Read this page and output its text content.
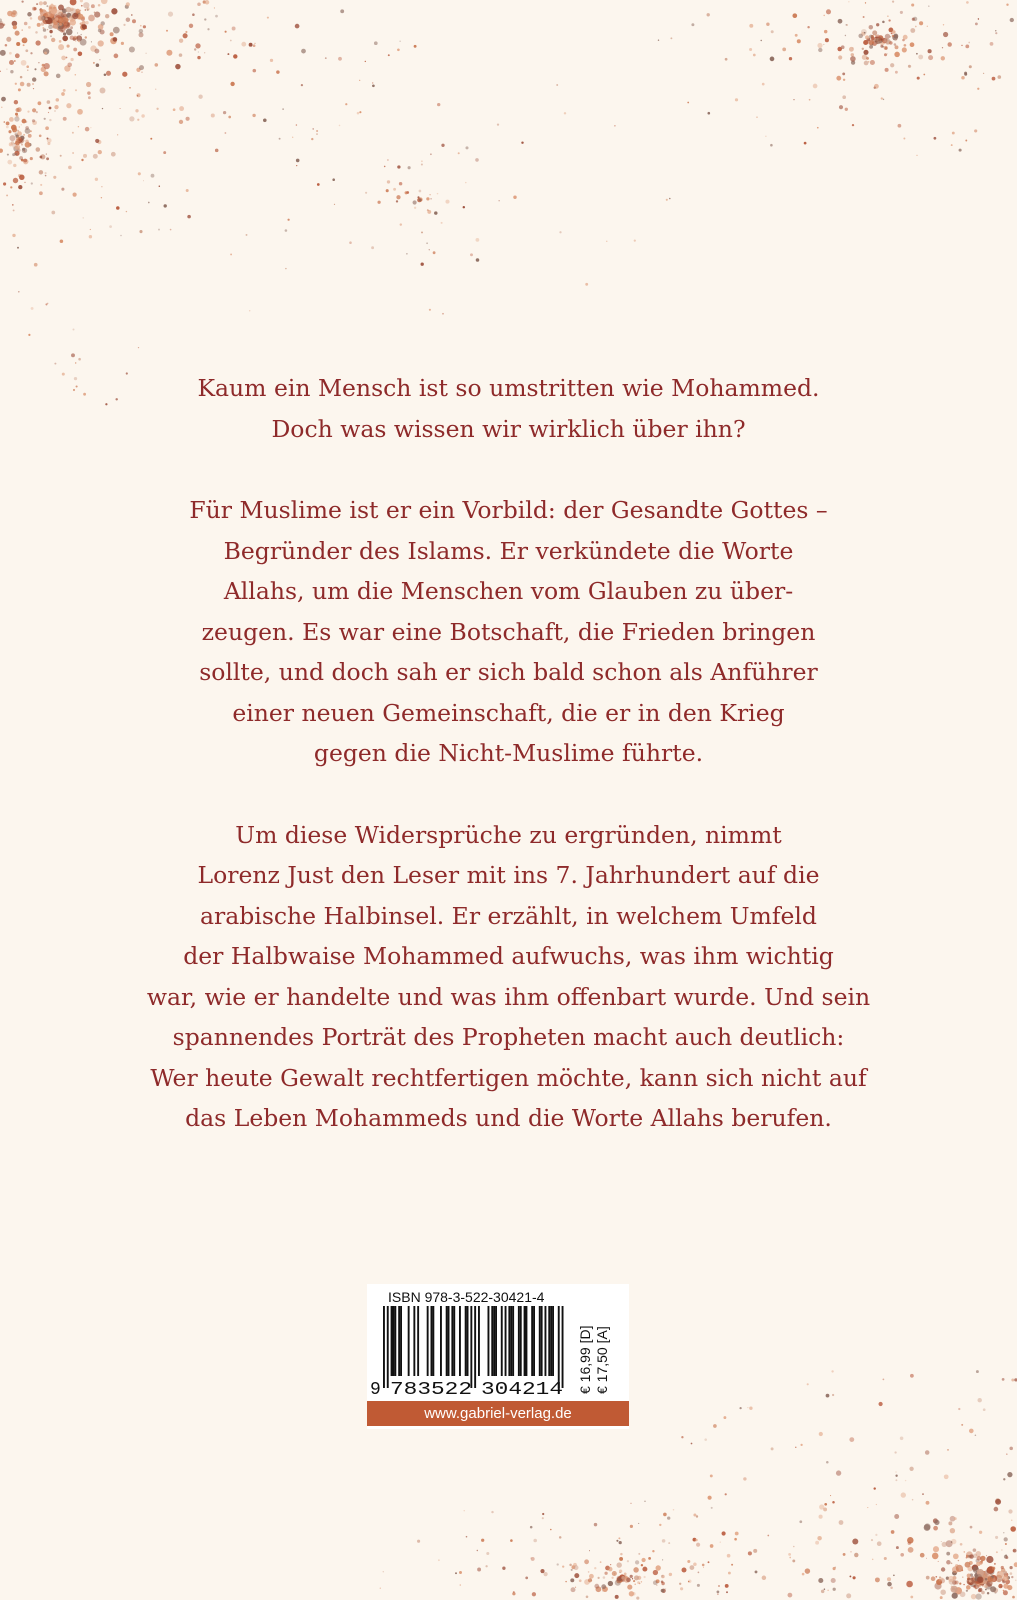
Kaum ein Mensch ist so umstritten wie Mohammed.
Doch was wissen wir wirklich über ihn?

Für Muslime ist er ein Vorbild: der Gesandte Gottes –
Begründer des Islams. Er verkündete die Worte
Allahs, um die Menschen vom Glauben zu über-
zeugen. Es war eine Botschaft, die Frieden bringen
sollte, und doch sah er sich bald schon als Anführer
einer neuen Gemeinschaft, die er in den Krieg
gegen die Nicht-Muslime führte.

Um diese Widersprüche zu ergründen, nimmt
Lorenz Just den Leser mit ins 7. Jahrhundert auf die
arabische Halbinsel. Er erzählt, in welchem Umfeld
der Halbwaise Mohammed aufwuchs, was ihm wichtig
war, wie er handelte und was ihm offenbart wurde. Und sein
spannendes Porträt des Propheten macht auch deutlich:
Wer heute Gewalt rechtfertigen möchte, kann sich nicht auf
das Leben Mohammeds und die Worte Allahs berufen.

ISBN 978-3-522-30421-4
9 783522 304214 € 16,99 [D] € 17,50 [A]
www.gabriel-verlag.de
